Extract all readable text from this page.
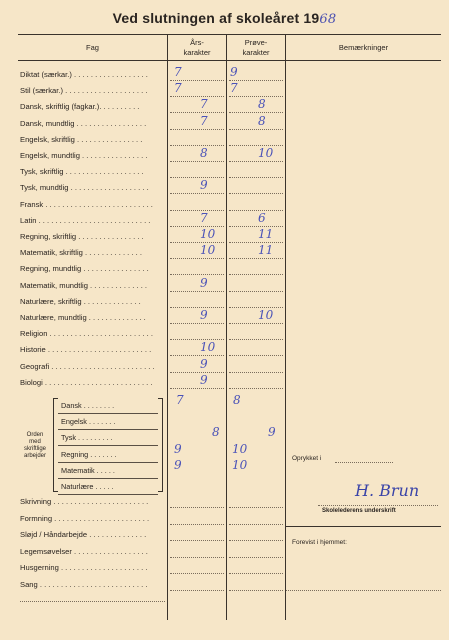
Ved slutningen af skoleåret 1968
Fag
Års-
karakter
Prøve-
karakter
Bemærkninger
Diktat (særkar.) . . . . . . . . . . . . . . . . . . 7	9
Stil (særkar.) . . . . . . . . . . . . . . . . . . . . 7	7
Dansk, skriftlig (fagkar.). . . . . . . . . .	7	8
Dansk, mundtlig . . . . . . . . . . . . . . . . .	7	8
Engelsk, skriftlig . . . . . . . . . . . . . . . .
Engelsk, mundtlig . . . . . . . . . . . . . . . .	8	10
Tysk, skriftlig . . . . . . . . . . . . . . . . . . .
Tysk, mundtlig . . . . . . . . . . . . . . . . . . .	9
Fransk . . . . . . . . . . . . . . . . . . . . . . . . . .
Latin . . . . . . . . . . . . . . . . . . . . . . . . . . .	7	6
Regning, skriftlig . . . . . . . . . . . . . . . .	10	11
Matematik, skriftlig . . . . . . . . . . . . . .	10	11
Regning, mundtlig . . . . . . . . . . . . . . . .
Matematik, mundtlig . . . . . . . . . . . . . .	9
Naturlære, skriftlig . . . . . . . . . . . . . .
Naturlære, mundtlig . . . . . . . . . . . . . .	9	10
Religion . . . . . . . . . . . . . . . . . . . . . . . . .
Historie . . . . . . . . . . . . . . . . . . . . . . . . .	10
Geografi . . . . . . . . . . . . . . . . . . . . . . . . .	9
Biologi . . . . . . . . . . . . . . . . . . . . . . . . . .	9
Dansk . . . . . . . .	7	8
Engelsk . . . . . . .
Tysk . . . . . . . . .	8	9
Regning . . . . . . .	9	10
Matematik . . . . .	9	10
Naturlære . . . . .
Skrivning . . . . . . . . . . . . . . . . . . . . . . .
Formning . . . . . . . . . . . . . . . . . . . . . . .
Sløjd / Håndarbejde . . . . . . . . . . . . . .
Legemsøvelser . . . . . . . . . . . . . . . . . .
Husgerning . . . . . . . . . . . . . . . . . . . . .
Sang . . . . . . . . . . . . . . . . . . . . . . . . . .
Orden
med
skriftlige
arbejder	Oprykket i
H. Brun
Skolelederens underskrift
Forevist i hjemmet:
